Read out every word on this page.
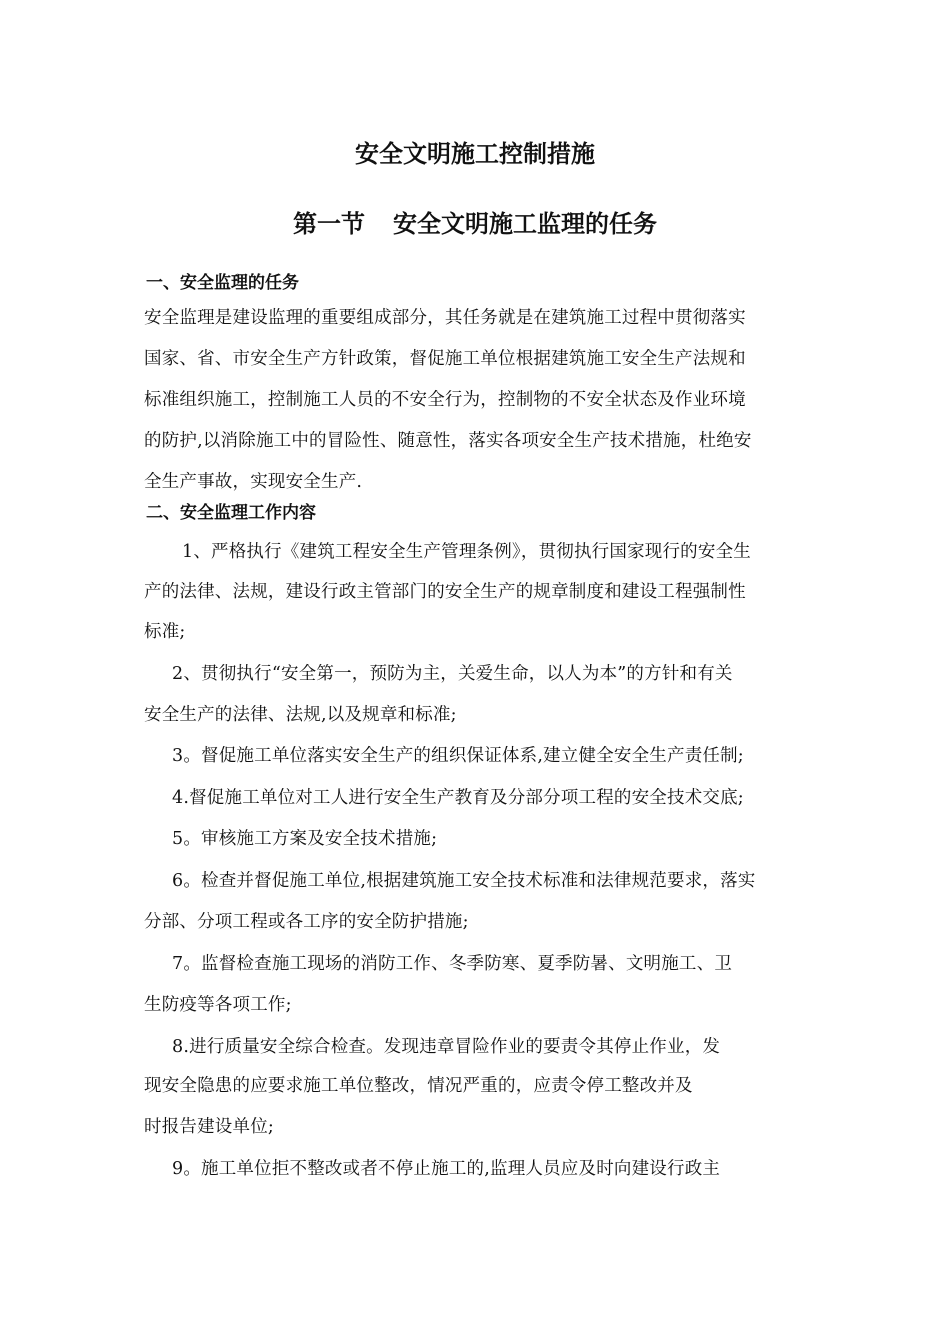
安全文明施工控制措施
第一节 安全文明施工监理的任务
一、安全监理的任务
安全监理是建设监理的重要组成部分，其任务就是在建筑施工过程中贯彻落实
国家、省、市安全生产方针政策，督促施工单位根据建筑施工安全生产法规和
标准组织施工，控制施工人员的不安全行为，控制物的不安全状态及作业环境
的防护,以消除施工中的冒险性、随意性，落实各项安全生产技术措施，杜绝安
全生产事故，实现安全生产.
二、安全监理工作内容
1、严格执行《建筑工程安全生产管理条例》，贯彻执行国家现行的安全生
产的法律、法规，建设行政主管部门的安全生产的规章制度和建设工程强制性
标准;
2、贯彻执行“安全第一，预防为主，关爱生命，以人为本”的方针和有关
安全生产的法律、法规,以及规章和标准;
3。督促施工单位落实安全生产的组织保证体系,建立健全安全生产责任制;
4.督促施工单位对工人进行安全生产教育及分部分项工程的安全技术交底;
5。审核施工方案及安全技术措施;
6。检查并督促施工单位,根据建筑施工安全技术标准和法律规范要求，落实
分部、分项工程或各工序的安全防护措施;
7。监督检查施工现场的消防工作、冬季防寒、夏季防暑、文明施工、卫
生防疫等各项工作;
8.进行质量安全综合检查。发现违章冒险作业的要责令其停止作业，发
现安全隐患的应要求施工单位整改，情况严重的，应责令停工整改并及
时报告建设单位;
9。施工单位拒不整改或者不停止施工的,监理人员应及时向建设行政主
